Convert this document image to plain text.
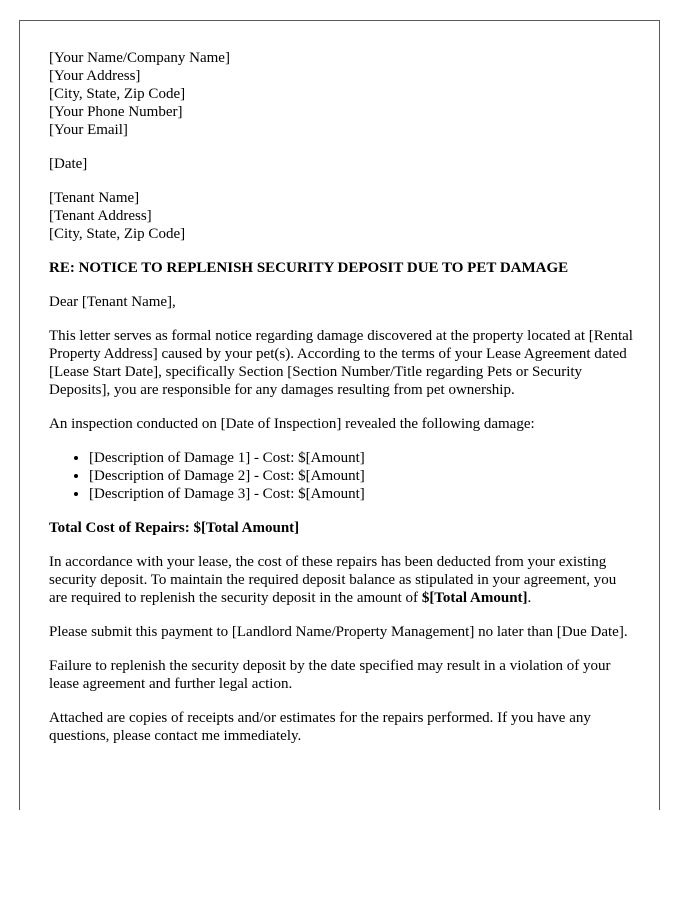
[Your Name/Company Name]
[Your Address]
[City, State, Zip Code]
[Your Phone Number]
[Your Email]
[Date]
[Tenant Name]
[Tenant Address]
[City, State, Zip Code]
RE: NOTICE TO REPLENISH SECURITY DEPOSIT DUE TO PET DAMAGE

Dear [Tenant Name],

This letter serves as formal notice regarding damage discovered at the property located at [Rental Property Address] caused by your pet(s). According to the terms of your Lease Agreement dated [Lease Start Date], specifically Section [Section Number/Title regarding Pets or Security Deposits], you are responsible for any damages resulting from pet ownership.

An inspection conducted on [Date of Inspection] revealed the following damage:

• [Description of Damage 1] - Cost: $[Amount]
• [Description of Damage 2] - Cost: $[Amount]
• [Description of Damage 3] - Cost: $[Amount]

Total Cost of Repairs: $[Total Amount]

In accordance with your lease, the cost of these repairs has been deducted from your existing security deposit. To maintain the required deposit balance as stipulated in your agreement, you are required to replenish the security deposit in the amount of $[Total Amount].

Please submit this payment to [Landlord Name/Property Management] no later than [Due Date].

Failure to replenish the security deposit by the date specified may result in a violation of your lease agreement and further legal action.

Attached are copies of receipts and/or estimates for the repairs performed. If you have any questions, please contact me immediately.
